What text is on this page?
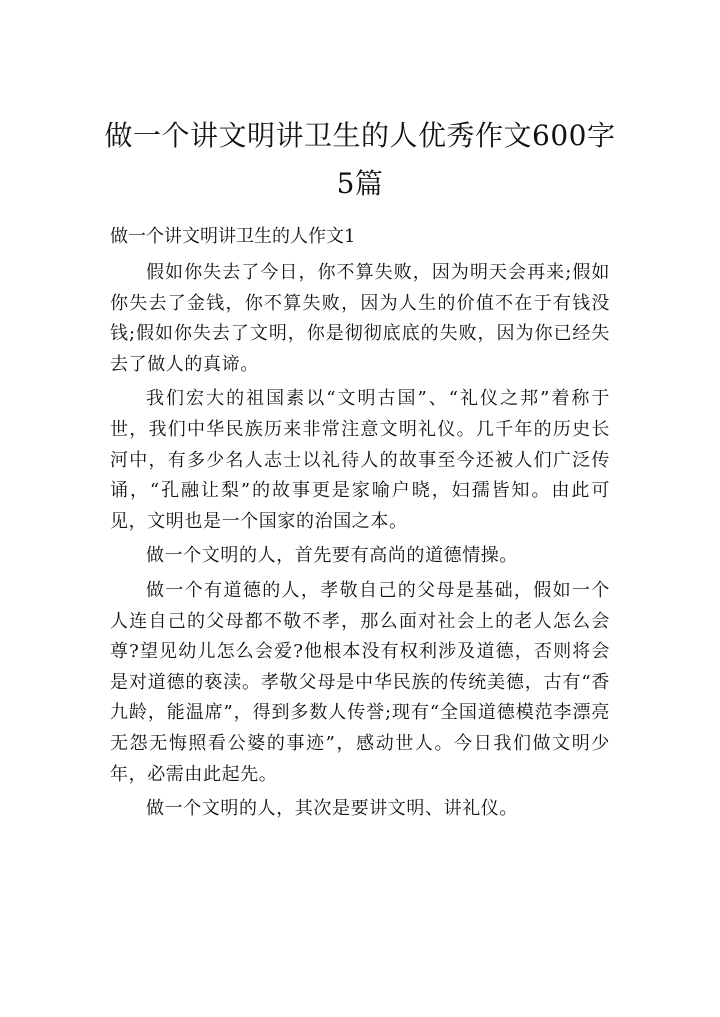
做一个讲文明讲卫生的人优秀作文600字5篇
做一个讲文明讲卫生的人作文1

假如你失去了今日，你不算失败，因为明天会再来;假如你失去了金钱，你不算失败，因为人生的价值不在于有钱没钱;假如你失去了文明，你是彻彻底底的失败，因为你已经失去了做人的真谛。

我们宏大的祖国素以“文明古国”、“礼仪之邦”着称于世，我们中华民族历来非常注意文明礼仪。几千年的历史长河中，有多少名人志士以礼待人的故事至今还被人们广泛传诵，“孔融让梨”的故事更是家喻户晓，妇孺皆知。由此可见，文明也是一个国家的治国之本。

做一个文明的人，首先要有高尚的道德情操。

做一个有道德的人，孝敬自己的父母是基础，假如一个人连自己的父母都不敬不孝，那么面对社会上的老人怎么会尊?望见幼儿怎么会爱?他根本没有权利涉及道德，否则将会是对道德的亵渎。孝敬父母是中华民族的传统美德，古有“香九龄，能温席”，得到多数人传誉;现有“全国道德模范李漂亮无怨无悔照看公婆的事迹”，感动世人。今日我们做文明少年，必需由此起先。

做一个文明的人，其次是要讲文明、讲礼仪。
